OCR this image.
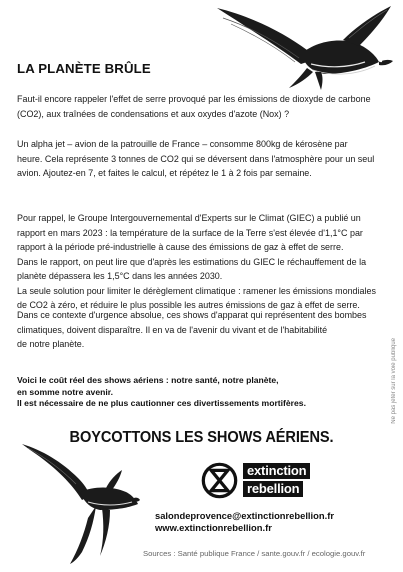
LA PLANÈTE BRÛLE
Faut-il encore rappeler l'effet de serre provoqué par les émissions de dioxyde de carbone
(CO2), aux traînées de condensations et aux oxydes d'azote (Nox) ?
Un alpha jet – avion de la patrouille de France – consomme 800kg de kérosène par
heure. Cela représente 3 tonnes de CO2 qui se déversent dans l'atmosphère pour un seul
avion. Ajoutez-en 7, et faites le calcul, et répétez le 1 à 2 fois par semaine.
Pour rappel, le Groupe Intergouvernemental d'Experts sur le Climat (GIEC) a publié un
rapport en mars 2023 : la température de la surface de la Terre s'est élevée d'1,1°C par
rapport à la période pré-industrielle à cause des émissions de gaz à effet de serre.
Dans le rapport, on peut lire que d'après les estimations du GIEC le réchauffement de la
planète dépassera les 1,5°C dans les années 2030.
La seule solution pour limiter le dérèglement climatique : ramener les émissions mondiales
de CO2 à zéro, et réduire le plus possible les autres émissions de gaz à effet de serre.
Dans ce contexte d'urgence absolue, ces shows d'apparat qui représentent des bombes
climatiques, doivent disparaître. Il en va de l'avenir du vivant et de l'habitabilité
de notre planète.
Voici le coût réel des shows aériens : notre santé, notre planète,
en somme notre avenir.
Il est nécessaire de ne plus cautionner ces divertissements mortifères.
BOYCOTTONS LES SHOWS AÉRIENS.
extinction
rebellion
salondeprovence@extinctionrebellion.fr
www.extinctionrebellion.fr
Sources : Santé publique France / sante.gouv.fr / ecologie.gouv.fr
Ne pas jeter sur la voie publique
